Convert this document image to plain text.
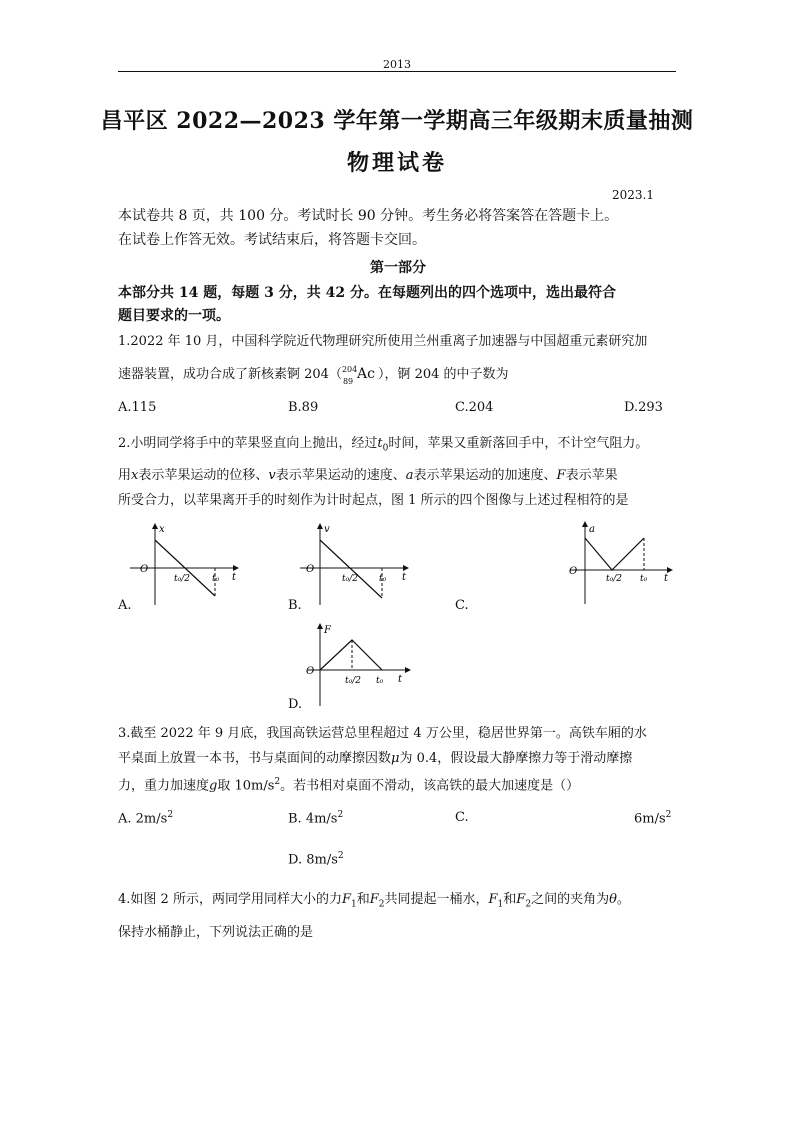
2013
昌平区 2022—2023 学年第一学期高三年级期末质量抽测
物理试卷
2023.1
本试卷共 8 页，共 100 分。考试时长 90 分钟。考生务必将答案答在答题卡上。
在试卷上作答无效。考试结束后，将答题卡交回。
第一部分
本部分共 14 题，每题 3 分，共 42 分。在每题列出的四个选项中，选出最符合
题目要求的一项。
1.2022 年 10 月，中国科学院近代物理研究所使用兰州重离子加速器与中国超重元素研究加
速器装置，成功合成了新核素锕 204（ 204
89 Ac ），锕 204 的中子数为
A.115	B.89	C.204	D.293
2.小明同学将手中的苹果竖直向上抛出，经过$t_0$时间，苹果又重新落回手中，不计空气阻力。
用x表示苹果运动的位移、v表示苹果运动的速度、a表示苹果运动的加速度、F表示苹果
所受合力，以苹果离开手的时刻作为计时起点，图 1 所示的四个图像与上述过程相符的是
x
O
t₀/2 t₀ t
A.
v
O
t₀/2 t₀ t
B.
a
O
t₀/2 t₀ t
C.
F
O
t₀/2 t₀ t
D.
3.截至 2022 年 9 月底，我国高铁运营总里程超过 4 万公里，稳居世界第一。高铁车厢的水
平桌面上放置一本书，书与桌面间的动摩擦因数μ为 0.4，假设最大静摩擦力等于滑动摩擦
力，重力加速度g取 $10m/s^2$。若书相对桌面不滑动，该高铁的最大加速度是（）
A. $2m/s^2$	B. $4m/s^2$	C.	$6m/s^2$
D. $8m/s^2$
4.如图 2 所示，两同学用同样大小的力$F_1$和$F_2$共同提起一桶水，$F_1$和$F_2$之间的夹角为θ。
保持水桶静止，下列说法正确的是
